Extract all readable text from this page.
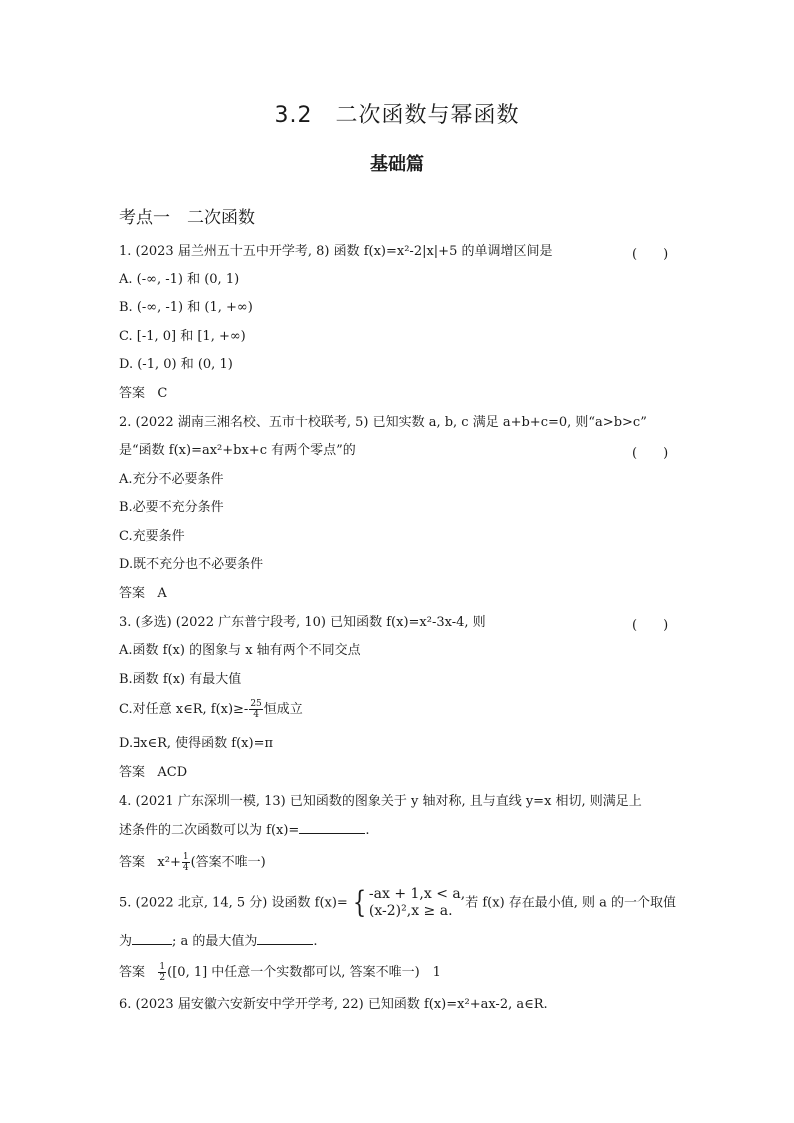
3.2　二次函数与幂函数
基础篇
考点一　二次函数
1. (2023 届兰州五十五中开学考, 8) 函数 f(x)=x²-2|x|+5 的单调增区间是	(　　)
A. (-∞, -1) 和 (0, 1)
B. (-∞, -1) 和 (1, +∞)
C. [-1, 0] 和 [1, +∞)
D. (-1, 0) 和 (0, 1)
答案 C
2. (2022 湖南三湘名校、五市十校联考, 5) 已知实数 a, b, c 满足 a+b+c=0, 则“a>b>c”
是“函数 f(x)=ax²+bx+c 有两个零点”的	(　　)
A.充分不必要条件
B.必要不充分条件
C.充要条件
D.既不充分也不必要条件
答案 A
3. (多选) (2022 广东普宁段考, 10) 已知函数 f(x)=x²-3x-4, 则	(　　)
A.函数 f(x) 的图象与 x 轴有两个不同交点
B.函数 f(x) 有最大值
C.对任意 x∈R, $f(x)\ge- \frac{25}{4}$ 恒成立
D.∃x∈R, 使得函数 f(x)=π
答案 ACD
4. (2021 广东深圳一模, 13) 已知函数的图象关于 y 轴对称, 且与直线 y=x 相切, 则满足上
述条件的二次函数可以为 f(x)=	.
答案 $x^2+ \frac{1}{4}$ (答案不唯一)
5. (2022 北京, 14, 5 分) 设函数 f(x)= { -ax + 1,x < a,
(x-2)²,x ≥ a. 若 f(x) 存在最小值, 则 a 的一个取值
为	; a 的最大值为	.
答案 $\frac{1}{2} ([0$, 1] 中任意一个实数都可以, 答案不唯一)　1
6. (2023 届安徽六安新安中学开学考, 22) 已知函数 f(x)=x²+ax-2, a∈R.
